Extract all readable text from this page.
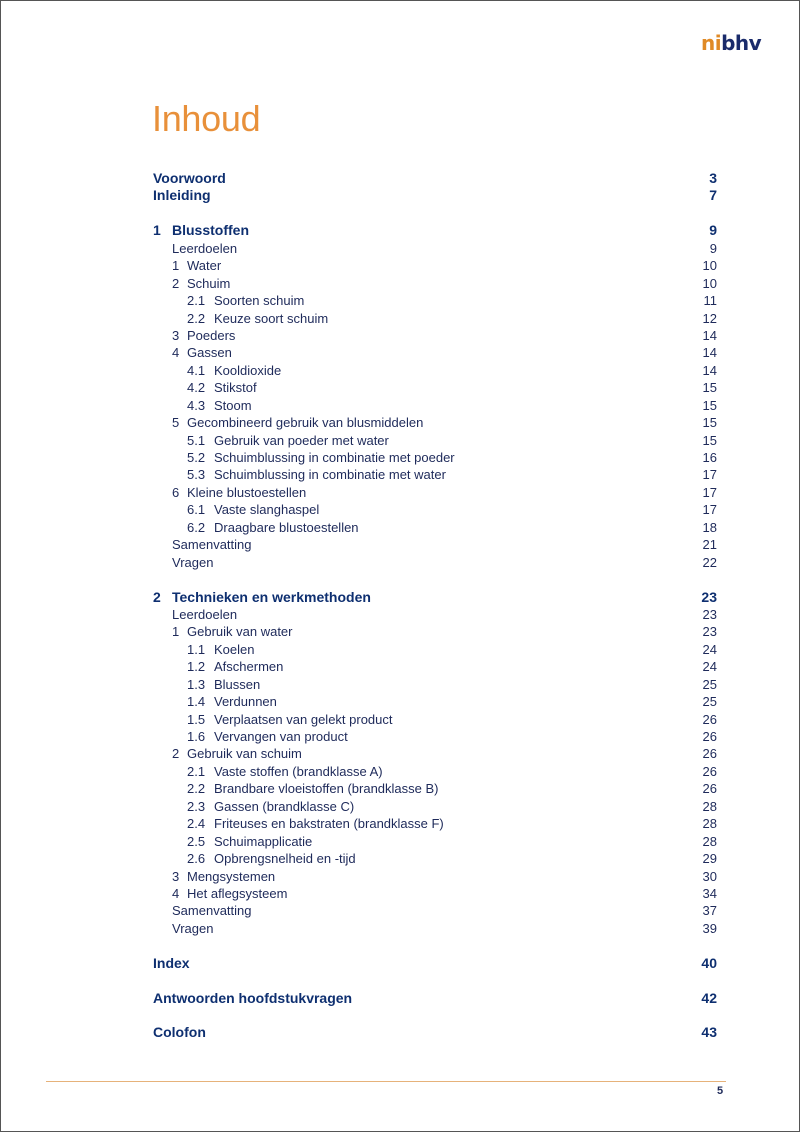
nibhv
Inhoud
Voorwoord	3
Inleiding	7
1 Blusstoffen	9
Leerdoelen	9
1 Water	10
2 Schuim	10
2.1 Soorten schuim	11
2.2 Keuze soort schuim	12
3 Poeders	14
4 Gassen	14
4.1 Kooldioxide	14
4.2 Stikstof	15
4.3 Stoom	15
5 Gecombineerd gebruik van blusmiddelen	15
5.1 Gebruik van poeder met water	15
5.2 Schuimblussing in combinatie met poeder	16
5.3 Schuimblussing in combinatie met water	17
6 Kleine blustoestellen	17
6.1 Vaste slanghaspel	17
6.2 Draagbare blustoestellen	18
Samenvatting	21
Vragen	22
2 Technieken en werkmethoden	23
Leerdoelen	23
1 Gebruik van water	23
1.1 Koelen	24
1.2 Afschermen	24
1.3 Blussen	25
1.4 Verdunnen	25
1.5 Verplaatsen van gelekt product	26
1.6 Vervangen van product	26
2 Gebruik van schuim	26
2.1 Vaste stoffen (brandklasse A)	26
2.2 Brandbare vloeistoffen (brandklasse B)	26
2.3 Gassen (brandklasse C)	28
2.4 Friteuses en bakstraten (brandklasse F)	28
2.5 Schuimapplicatie	28
2.6 Opbrengsnelheid en -tijd	29
3 Mengsystemen	30
4 Het aflegsysteem	34
Samenvatting	37
Vragen	39
Index	40
Antwoorden hoofdstukvragen	42
Colofon	43
5
